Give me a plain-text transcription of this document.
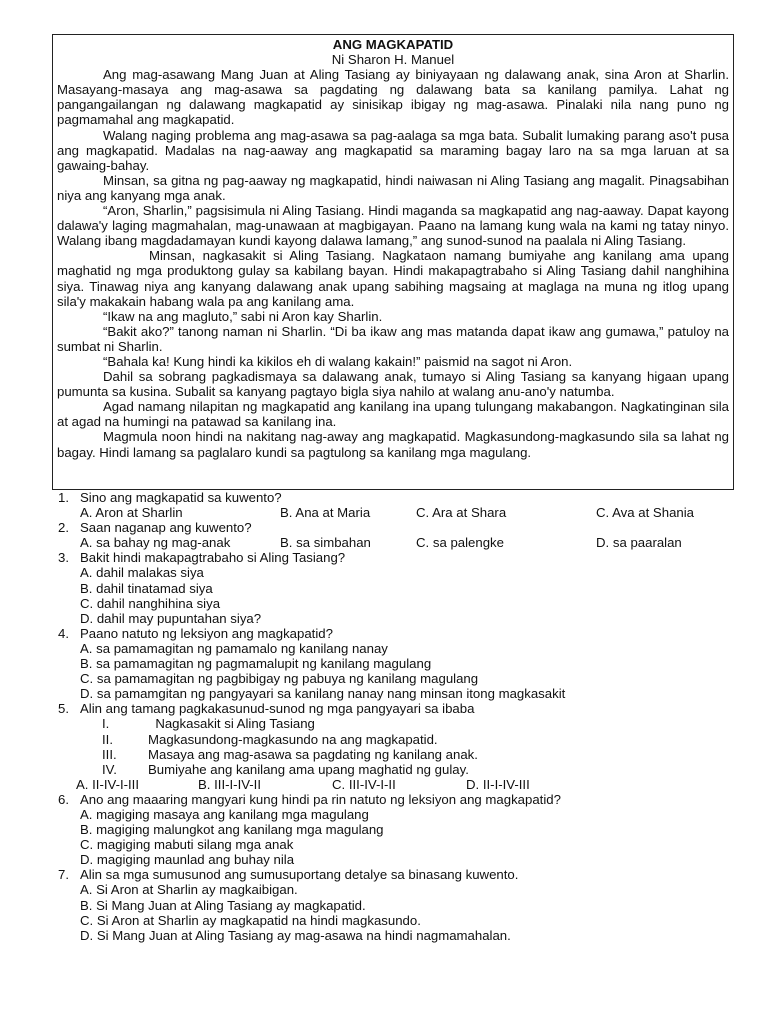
ANG MAGKAPATID
Ni Sharon H. Manuel

Ang mag-asawang Mang Juan at Aling Tasiang ay biniyayaan ng dalawang anak, sina Aron at Sharlin. Masayang-masaya ang mag-asawa sa pagdating ng dalawang bata sa kanilang pamilya. Lahat ng pangangailangan ng dalawang magkapatid ay sinisikap ibigay ng mag-asawa. Pinalaki nila nang puno ng pagmamahal ang magkapatid.

Walang naging problema ang mag-asawa sa pag-aalaga sa mga bata. Subalit lumaking parang aso't pusa ang magkapatid. Madalas na nag-aaway ang magkapatid sa maraming bagay laro na sa mga laruan at sa gawaing-bahay.

Minsan, sa gitna ng pag-aaway ng magkapatid, hindi naiwasan ni Aling Tasiang ang magalit. Pinagsabihan niya ang kanyang mga anak.

“Aron, Sharlin,” pagsisimula ni Aling Tasiang. Hindi maganda sa magkapatid ang nag-aaway. Dapat kayong dalawa'y laging magmahalan, mag-unawaan at magbigayan. Paano na lamang kung wala na kami ng tatay ninyo. Walang ibang magdadamayan kundi kayong dalawa lamang,” ang sunod-sunod na paalala ni Aling Tasiang.

Minsan, nagkasakit si Aling Tasiang. Nagkataon namang bumiyahe ang kanilang ama upang maghatid ng mga produktong gulay sa kabilang bayan. Hindi makapagtrabaho si Aling Tasiang dahil nanghihina siya. Tinawag niya ang kanyang dalawang anak upang sabihing magsaing at maglaga na muna ng itlog upang sila'y makakain habang wala pa ang kanilang ama.

“Ikaw na ang magluto,” sabi ni Aron kay Sharlin.

“Bakit ako?” tanong naman ni Sharlin. “Di ba ikaw ang mas matanda dapat ikaw ang gumawa,” patuloy na sumbat ni Sharlin.

“Bahala ka! Kung hindi ka kikilos eh di walang kakain!” paismid na sagot ni Aron.

Dahil sa sobrang pagkadismaya sa dalawang anak, tumayo si Aling Tasiang sa kanyang higaan upang pumunta sa kusina. Subalit sa kanyang pagtayo bigla siya nahilo at walang anu-ano'y natumba.

Agad namang nilapitan ng magkapatid ang kanilang ina upang tulungang makabangon. Nagkatinginan sila at agad na humingi na patawad sa kanilang ina.

Magmula noon hindi na nakitang nag-away ang magkapatid. Magkasundong-magkasundo sila sa lahat ng bagay. Hindi lamang sa paglalaro kundi sa pagtulong sa kanilang mga magulang.

1. Sino ang magkapatid sa kuwento?
A. Aron at Sharlin	B. Ana at Maria	C. Ara at Shara	C. Ava at Shania
2. Saan naganap ang kuwento?
A. sa bahay ng mag-anak	B. sa simbahan	C. sa palengke	D. sa paaralan
3. Bakit hindi makapagtrabaho si Aling Tasiang?
A. dahil malakas siya
B. dahil tinatamad siya
C. dahil nanghihina siya
D. dahil may pupuntahan siya?
4. Paano natuto ng leksiyon ang magkapatid?
A. sa pamamagitan ng pamamalo ng kanilang nanay
B. sa pamamagitan ng pagmamalupit ng kanilang magulang
C. sa pamamagitan ng pagbibigay ng pabuya ng kanilang magulang
D. sa pamamgitan ng pangyayari sa kanilang nanay nang minsan itong magkasakit
5. Alin ang tamang pagkakasunud-sunod ng mga pangyayari sa ibaba
I.	Nagkasakit si Aling Tasiang
II.	Magkasundong-magkasundo na ang magkapatid.
III.	Masaya ang mag-asawa sa pagdating ng kanilang anak.
IV.	Bumiyahe ang kanilang ama upang maghatid ng gulay.
A. II-IV-I-III	B. III-I-IV-II	C. III-IV-I-II	D. II-I-IV-III
6. Ano ang maaaring mangyari kung hindi pa rin natuto ng leksiyon ang magkapatid?
A. magiging masaya ang kanilang mga magulang
B. magiging malungkot ang kanilang mga magulang
C. magiging mabuti silang mga anak
D. magiging maunlad ang buhay nila
7. Alin sa mga sumusunod ang sumusuportang detalye sa binasang kuwento.
A. Si Aron at Sharlin ay magkaibigan.
B. Si Mang Juan at Aling Tasiang ay magkapatid.
C. Si Aron at Sharlin ay magkapatid na hindi magkasundo.
D. Si Mang Juan at Aling Tasiang ay mag-asawa na hindi nagmamahalan.
